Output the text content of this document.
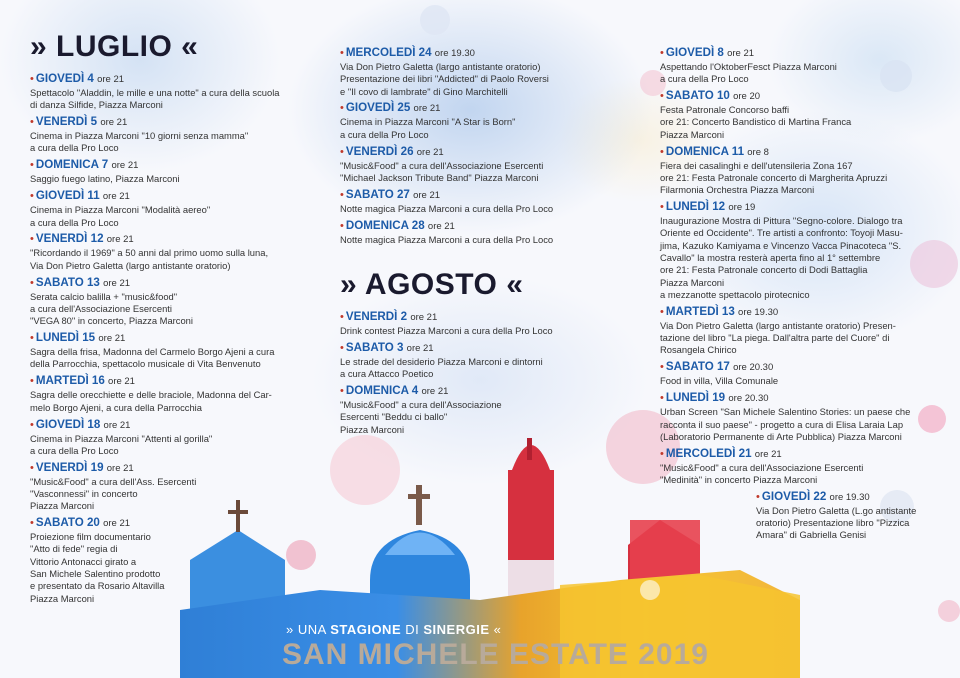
» LUGLIO «
• GIOVEDÌ 4 ore 21
Spettacolo "Aladdin, le mille e una notte" a cura della scuola
di danza Silfide, Piazza Marconi
• VENERDÌ 5 ore 21
Cinema in Piazza Marconi "10 giorni senza mamma"
a cura della Pro Loco
• DOMENICA 7 ore 21
Saggio fuego latino, Piazza Marconi
• GIOVEDÌ 11 ore 21
Cinema in Piazza Marconi "Modalità aereo"
a cura della Pro Loco
• VENERDÌ 12 ore 21
"Ricordando il 1969" a 50 anni dal primo uomo sulla luna,
Via Don Pietro Galetta (largo antistante oratorio)
• SABATO 13 ore 21
Serata calcio balilla + "music&food"
a cura dell'Associazione Esercenti
"VEGA 80" in concerto, Piazza Marconi
• LUNEDÌ 15 ore 21
Sagra della frisa, Madonna del Carmelo Borgo Ajeni a cura
della Parrocchia, spettacolo musicale di Vita Benvenuto
• MARTEDÌ 16 ore 21
Sagra delle orecchiette e delle braciole, Madonna del Car-
melo Borgo Ajeni, a cura della Parrocchia
• GIOVEDÌ 18 ore 21
Cinema in Piazza Marconi "Attenti al gorilla"
a cura della Pro Loco
• VENERDÌ 19 ore 21
"Music&Food" a cura dell'Ass. Esercenti
"Vasconnessi" in concerto
Piazza Marconi
• SABATO 20 ore 21
Proiezione film documentario
"Atto di fede" regia di
Vittorio Antonacci girato a
San Michele Salentino prodotto
e presentato da Rosario Altavilla
Piazza Marconi
• MERCOLEDÌ 24 ore 19.30
Via Don Pietro Galetta (largo antistante oratorio)
Presentazione dei libri "Addicted" di Paolo Roversi
e "Il covo di lambrate" di Gino Marchitelli
• GIOVEDÌ 25 ore 21
Cinema in Piazza Marconi "A Star is Born"
a cura della Pro Loco
• VENERDÌ 26 ore 21
"Music&Food" a cura dell'Associazione Esercenti
"Michael Jackson Tribute Band" Piazza Marconi
• SABATO 27 ore 21
Notte magica Piazza Marconi a cura della Pro Loco
• DOMENICA 28 ore 21
Notte magica Piazza Marconi a cura della Pro Loco
» AGOSTO «
• VENERDÌ 2 ore 21
Drink contest Piazza Marconi a cura della Pro Loco
• SABATO 3 ore 21
Le strade del desiderio Piazza Marconi e dintorni
a cura Attacco Poetico
• DOMENICA 4 ore 21
"Music&Food" a cura dell'Associazione
Esercenti "Beddu ci ballo"
Piazza Marconi
• GIOVEDÌ 8 ore 21
Aspettando l'OktoberFesct Piazza Marconi
a cura della Pro Loco
• SABATO 10 ore 20
Festa Patronale Concorso baffi
ore 21: Concerto Bandistico di Martina Franca
Piazza Marconi
• DOMENICA 11 ore 8
Fiera dei casalinghi e dell'utensileria Zona 167
ore 21: Festa Patronale concerto di Margherita Apruzzi
Filarmonia Orchestra Piazza Marconi
• LUNEDÌ 12 ore 19
Inaugurazione Mostra di Pittura "Segno-colore. Dialogo tra
Oriente ed Occidente". Tre artisti a confronto: Toyoji Masu-
jima, Kazuko Kamiyama e Vincenzo Vacca Pinacoteca "S.
Cavallo" la mostra resterà aperta fino al 1° settembre
ore 21: Festa Patronale concerto di Dodi Battaglia
Piazza Marconi
a mezzanotte spettacolo pirotecnico
• MARTEDÌ 13 ore 19.30
Via Don Pietro Galetta (largo antistante oratorio) Presen-
tazione del libro "La piega. Dall'altra parte del Cuore" di
Rosangela Chirico
• SABATO 17 ore 20.30
Food in villa, Villa Comunale
• LUNEDÌ 19 ore 20.30
Urban Screen "San Michele Salentino Stories: un paese che
racconta il suo paese" - progetto a cura di Elisa Laraia Lap
(Laboratorio Permanente di Arte Pubblica) Piazza Marconi
• MERCOLEDÌ 21 ore 21
"Music&Food" a cura dell'Associazione Esercenti
"Medinità" in concerto Piazza Marconi
• GIOVEDÌ 22 ore 19.30
Via Don Pietro Galetta (L.go antistante
oratorio) Presentazione libro "Pizzica
Amara" di Gabriella Genisi
» UNA STAGIONE DI SINERGIE «
SAN MICHELE ESTATE 2019
